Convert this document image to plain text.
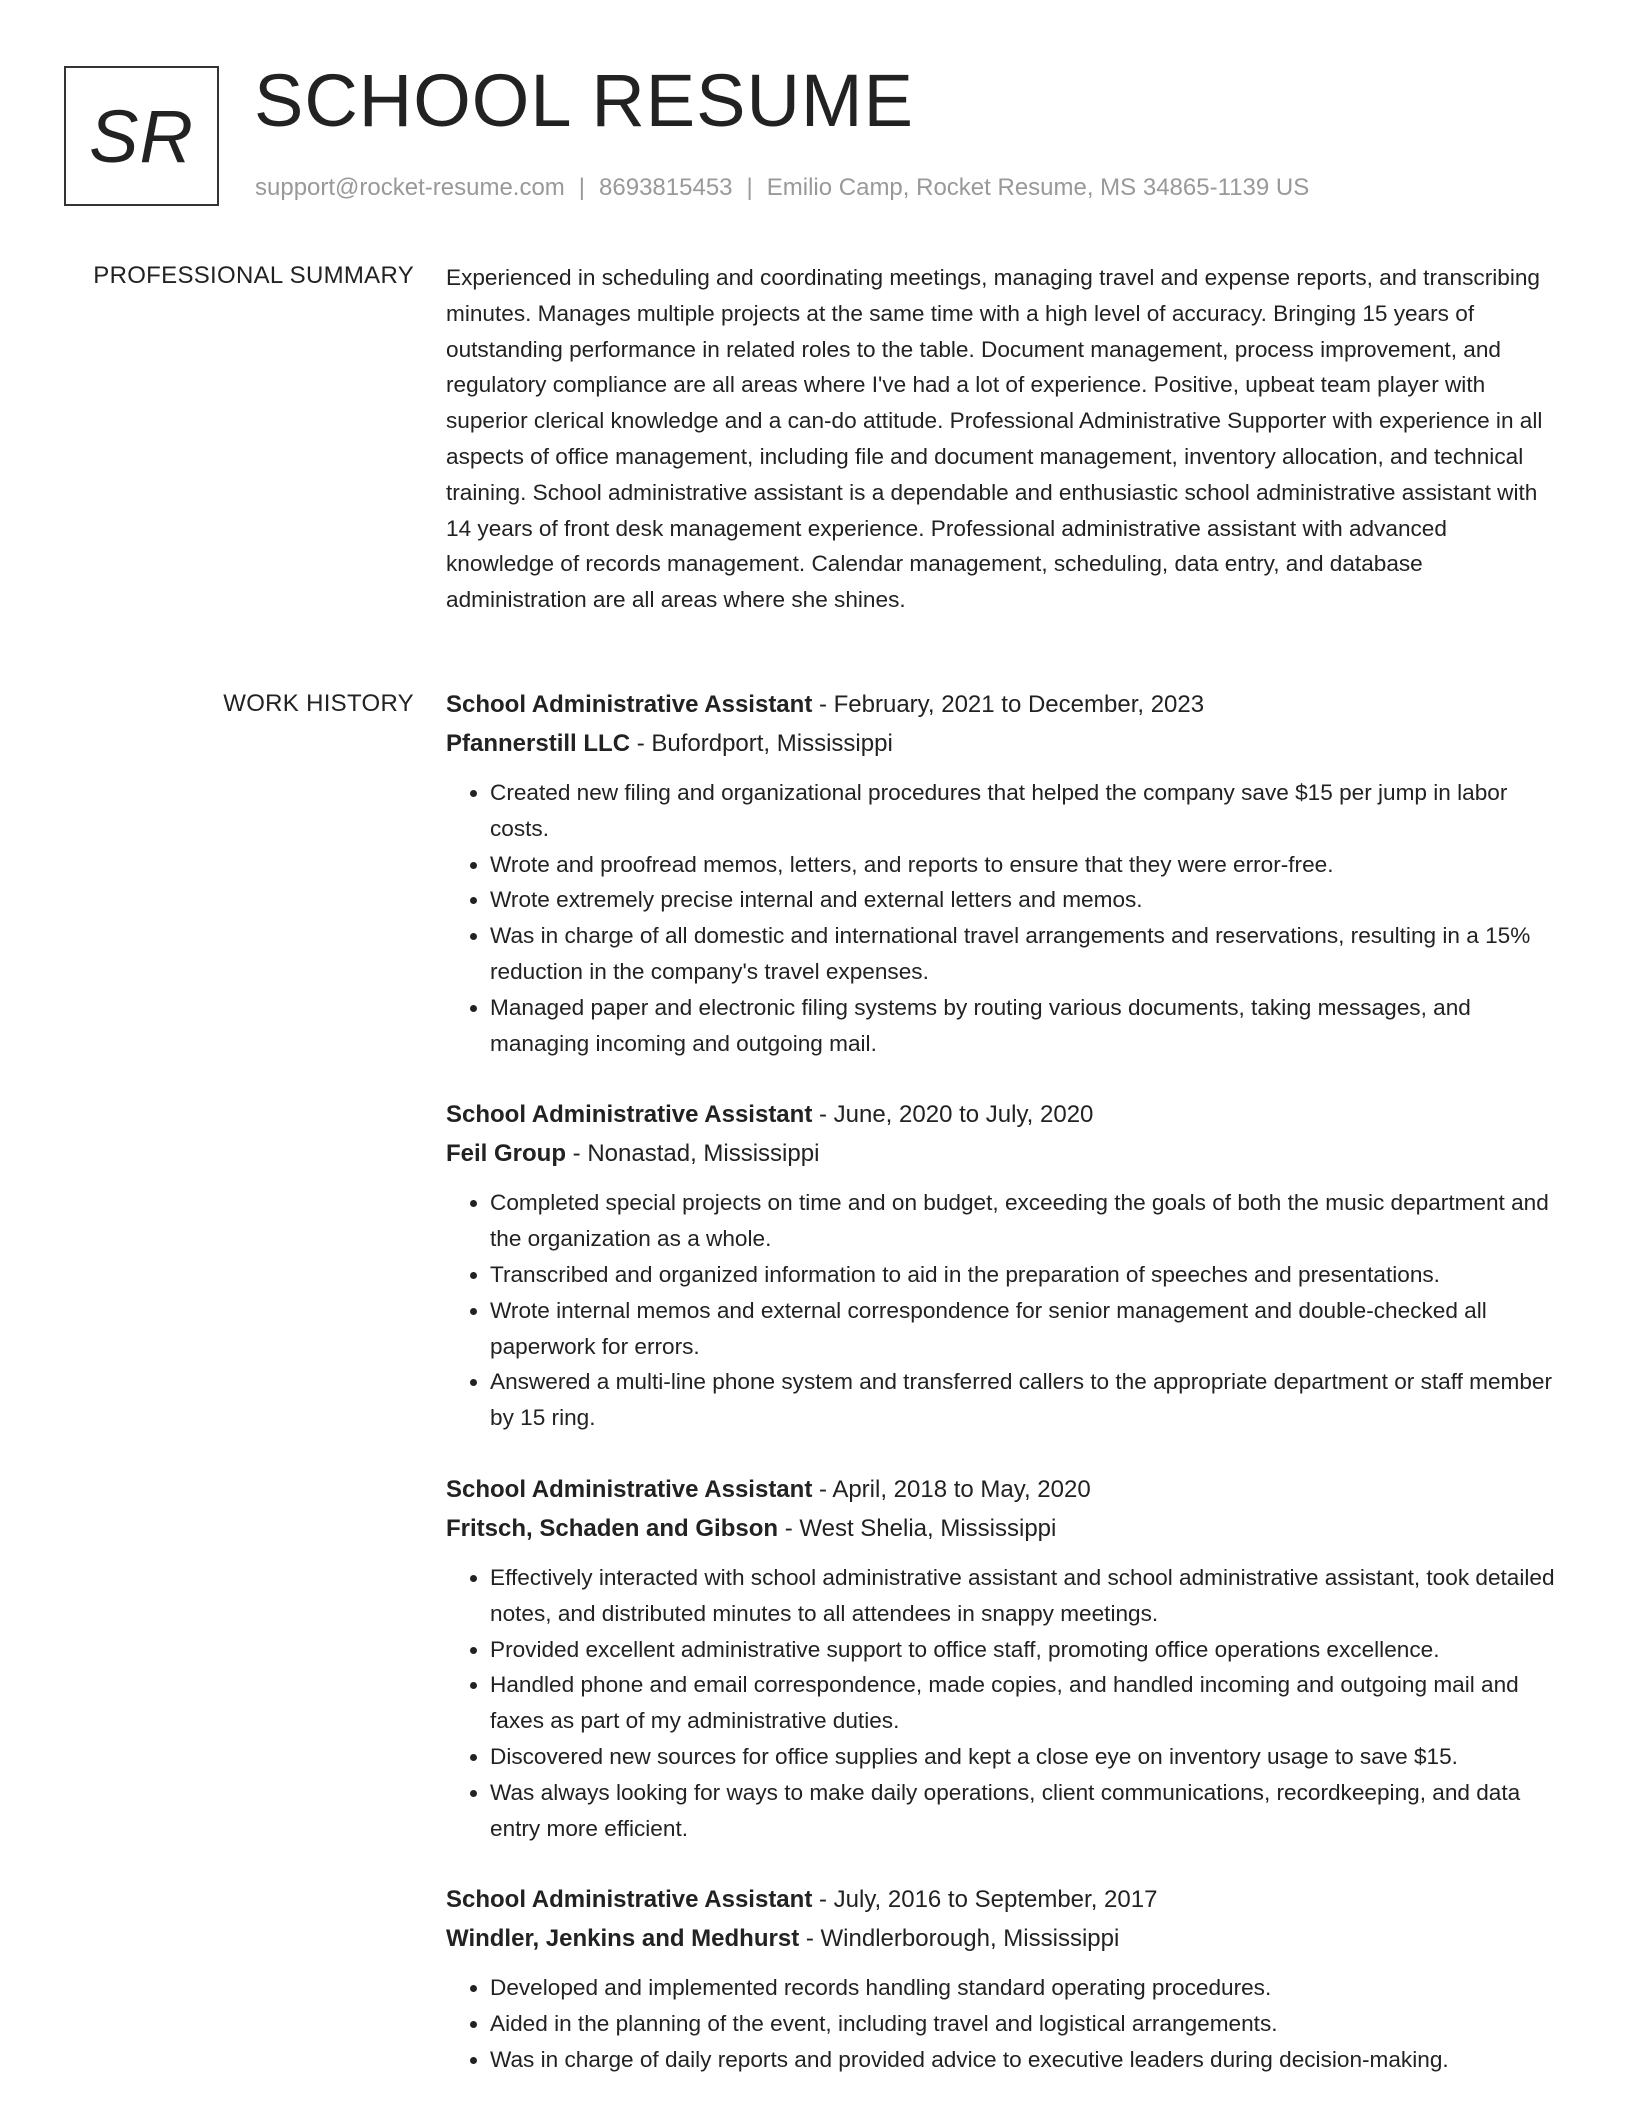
SR SCHOOL RESUME
support@rocket-resume.com | 8693815453 | Emilio Camp, Rocket Resume, MS 34865-1139 US
PROFESSIONAL SUMMARY Experienced in scheduling and coordinating meetings, managing travel and expense reports, and transcribing minutes. Manages multiple projects at the same time with a high level of accuracy. Bringing 15 years of outstanding performance in related roles to the table. Document management, process improvement, and regulatory compliance are all areas where I've had a lot of experience. Positive, upbeat team player with superior clerical knowledge and a can-do attitude. Professional Administrative Supporter with experience in all aspects of office management, including file and document management, inventory allocation, and technical training. School administrative assistant is a dependable and enthusiastic school administrative assistant with 14 years of front desk management experience. Professional administrative assistant with advanced knowledge of records management. Calendar management, scheduling, data entry, and database administration are all areas where she shines.

WORK HISTORY School Administrative Assistant - February, 2021 to December, 2023
Pfannerstill LLC - Bufordport, Mississippi
• Created new filing and organizational procedures that helped the company save $15 per jump in labor costs.
• Wrote and proofread memos, letters, and reports to ensure that they were error-free.
• Wrote extremely precise internal and external letters and memos.
• Was in charge of all domestic and international travel arrangements and reservations, resulting in a 15% reduction in the company's travel expenses.
• Managed paper and electronic filing systems by routing various documents, taking messages, and managing incoming and outgoing mail.
School Administrative Assistant - June, 2020 to July, 2020
Feil Group - Nonastad, Mississippi
• Completed special projects on time and on budget, exceeding the goals of both the music department and the organization as a whole.
• Transcribed and organized information to aid in the preparation of speeches and presentations.
• Wrote internal memos and external correspondence for senior management and double-checked all paperwork for errors.
• Answered a multi-line phone system and transferred callers to the appropriate department or staff member by 15 ring.
School Administrative Assistant - April, 2018 to May, 2020
Fritsch, Schaden and Gibson - West Shelia, Mississippi
• Effectively interacted with school administrative assistant and school administrative assistant, took detailed notes, and distributed minutes to all attendees in snappy meetings.
• Provided excellent administrative support to office staff, promoting office operations excellence.
• Handled phone and email correspondence, made copies, and handled incoming and outgoing mail and faxes as part of my administrative duties.
• Discovered new sources for office supplies and kept a close eye on inventory usage to save $15.
• Was always looking for ways to make daily operations, client communications, recordkeeping, and data entry more efficient.
School Administrative Assistant - July, 2016 to September, 2017
Windler, Jenkins and Medhurst - Windlerborough, Mississippi
• Developed and implemented records handling standard operating procedures.
• Aided in the planning of the event, including travel and logistical arrangements.
• Was in charge of daily reports and provided advice to executive leaders during decision-making.
